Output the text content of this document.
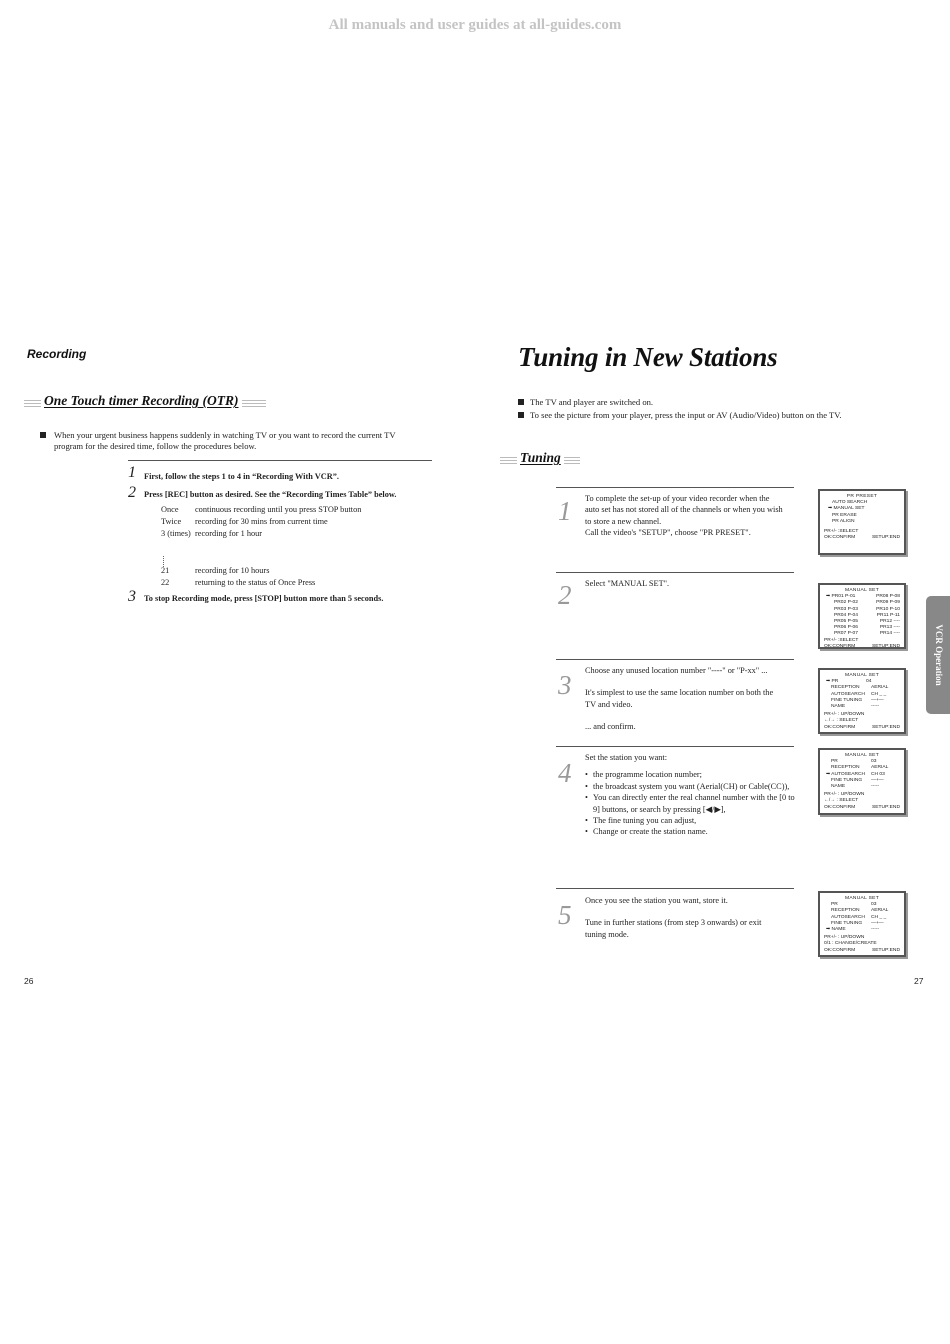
All manuals and user guides at all-guides.com
Recording
One Touch timer Recording (OTR)
When your urgent business happens suddenly in watching TV or you want to record the current TV
program for the desired time, follow the procedures below.
1 First, follow the steps 1 to 4 in “Recording With VCR”.
2 Press [REC] button as desired. See the “Recording Times Table” below.
Once continuous recording until you press STOP button
Twice recording for 30 mins from current time
3 (times) recording for 1 hour
21	recording for 10 hours
22	returning to the status of Once Press
3 To stop Recording mode, press [STOP] button more than 5 seconds.
26
Tuning in New Stations
The TV and player are switched on.
To see the picture from your player, press the input or AV (Audio/Video) button on the TV.
Tuning
1 To complete the set-up of your video recorder when the
auto set has not stored all of the channels or when you wish
to store a new channel.
Call the video's "SETUP", choose "PR PRESET".
2 Select "MANUAL SET".
3 Choose any unused location number "----" or "P-xx" ...
It's simplest to use the same location number on both the
TV and video.
... and confirm.
4
Set the station you want:
• the programme location number;
• the broadcast system you want (Aerial(CH) or Cable(CC)),
• You can directly enter the real channel number with the [0 to 9] buttons, or search by pressing [◀/▶],
• The fine tuning you can adjust,
• Change or create the station name.
5 Once you see the station you want, store it.
Tune in further stations (from step 3 onwards) or exit
tuning mode.
PR PRESET
AUTO SEARCH
➡ MANUAL SET
PR ERASE
PR ALIGN
PR+/- :SELECT
OK:CONFIRM	SETUP:END
MANUAL SET
➡ PR01 P-01	PR08 P-08
PR02 P-02	PR09 P-09
PR03 P-03	PR10 P-10
PR04 P-04	PR11 P-11
PR05 P-05	PR12 ----
PR06 P-06	PR13 ----
PR07 P-07	PR14 ----
PR+/- :SELECT
OK:CONFIRM	SETUP:END
MANUAL SET
➡ PR	04
RECEPTION	AERIAL
AUTOSEARCH	CH _ _
FINE TUNING	—+—
NAME	-----
PR+/- : UP/DOWN
←/→ : SELECT
OK:CONFIRM	SETUP:END
MANUAL SET
PR	03
RECEPTION	AERIAL
➡ AUTOSEARCH	CH 03
FINE TUNING	—+—
NAME	-----
PR+/- : UP/DOWN
←/→ : SELECT
OK:CONFIRM	SETUP:END
MANUAL SET
PR	03
RECEPTION	AERIAL
AUTOSEARCH	CH _ _
FINE TUNING	—+—
➡ NAME	-----
PR+/- : UP/DOWN
0/1 : CHANGE/CREATE
OK:CONFIRM	SETUP:END
VCR Operation
27
